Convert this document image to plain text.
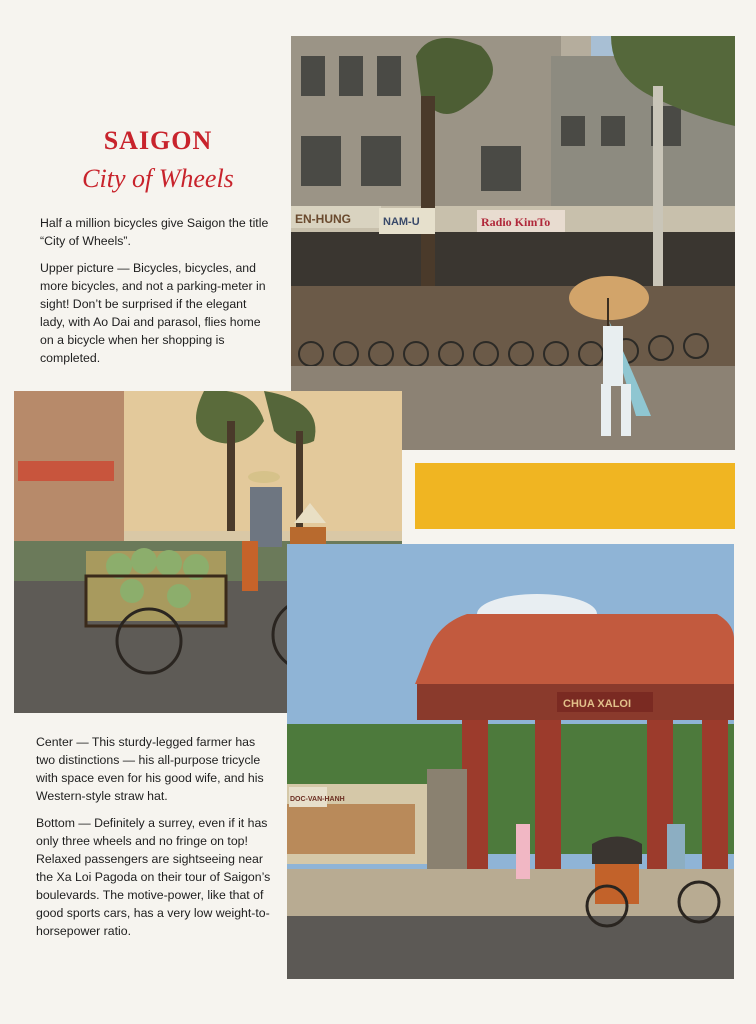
SAIGON
City of Wheels

Half a million bicycles give Saigon the title “City of Wheels”.

Upper picture — Bicycles, bicycles, and more bicycles, and not a parking-meter in sight! Don’t be surprised if the elegant lady, with Ao Dai and parasol, flies home on a bicycle when her shopping is completed.

EN-HUNG	NAM-U	Radio KimTo
CHUA XALOI
DOC-VAN-HANH

Center — This sturdy-legged farmer has two distinctions — his all-purpose tricycle with space even for his good wife, and his Western-style straw hat.

Bottom — Definitely a surrey, even if it has only three wheels and no fringe on top! Relaxed passengers are sightseeing near the Xa Loi Pagoda on their tour of Saigon’s boulevards. The motive-power, like that of good sports cars, has a very low weight-to-horsepower ratio.
